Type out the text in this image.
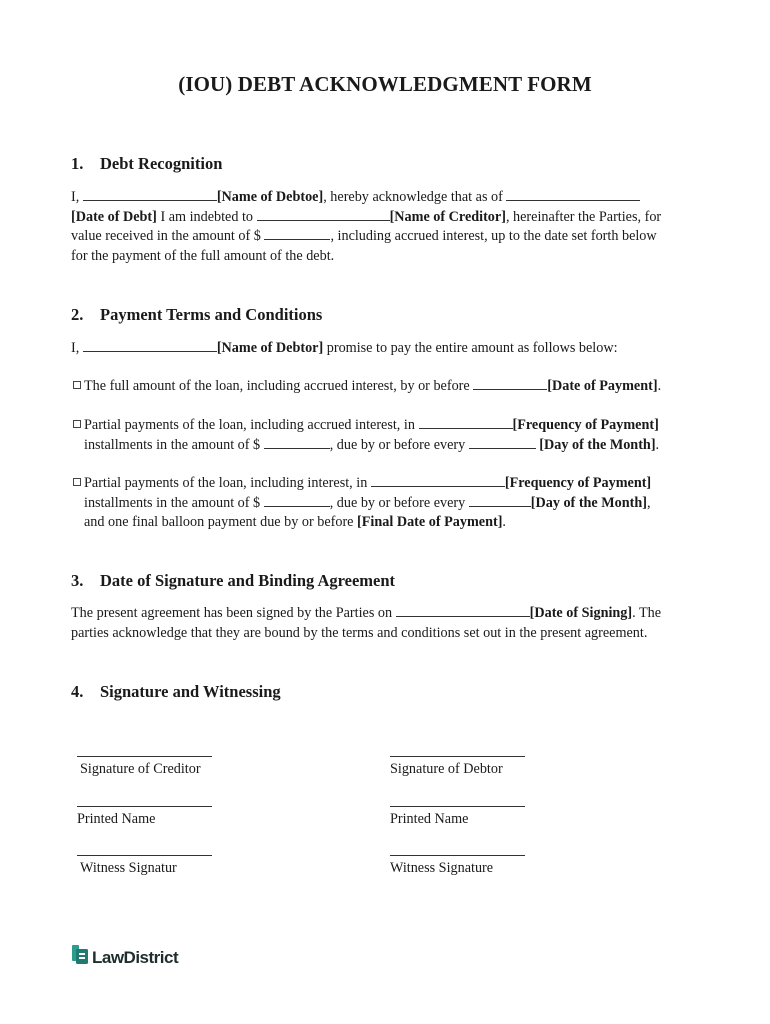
(IOU) DEBT ACKNOWLEDGMENT FORM
1. Debt Recognition
I,	[Name of Debtoe], hereby acknowledge that as of
[Date of Debt] I am indebted to	[Name of Creditor], hereinafter the Parties, for
value received in the amount of $	, including accrued interest, up to the date set forth below
for the payment of the full amount of the debt.
2. Payment Terms and Conditions
I,	[Name of Debtor] promise to pay the entire amount as follows below:
The full amount of the loan, including accrued interest, by or before	[Date of Payment].
Partial payments of the loan, including accrued interest, in	[Frequency of Payment]
installments in the amount of $	, due by or before every	[Day of the Month].
Partial payments of the loan, including interest, in	[Frequency of Payment]
installments in the amount of $	, due by or before every	[Day of the Month],
and one final balloon payment due by or before [Final Date of Payment].
3. Date of Signature and Binding Agreement
The present agreement has been signed by the Parties on	[Date of Signing]. The
parties acknowledge that they are bound by the terms and conditions set out in the present agreement.
4. Signature and Witnessing
Signature of Creditor	Signature of Debtor
Printed Name	Printed Name
Witness Signatur	Witness Signature
LawDistrict
